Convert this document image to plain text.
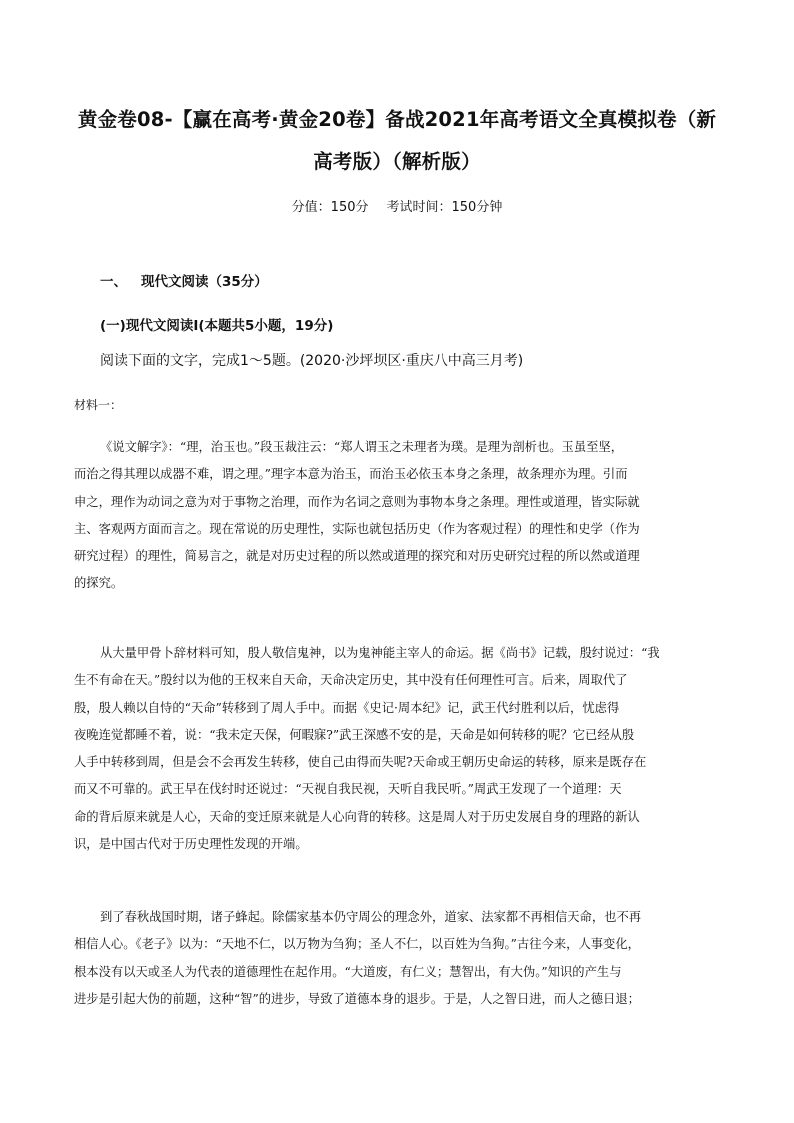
黄金卷08-【赢在高考·黄金20卷】备战2021年高考语文全真模拟卷（新
高考版）（解析版）
分值：150分 考试时间：150分钟
一、 现代文阅读（35分）
(一)现代文阅读Ⅰ(本题共5小题，19分)
阅读下面的文字，完成1～5题。(2020·沙坪坝区·重庆八中高三月考)
材料一：
《说文解字》：“理，治玉也。”段玉裁注云：“郑人谓玉之未理者为璞。是理为剖析也。玉虽至坚，
而治之得其理以成器不难，谓之理。”理字本意为治玉，而治玉必依玉本身之条理，故条理亦为理。引而
申之，理作为动词之意为对于事物之治理，而作为名词之意则为事物本身之条理。理性或道理，皆实际就
主、客观两方面而言之。现在常说的历史理性，实际也就包括历史（作为客观过程）的理性和史学（作为
研究过程）的理性，简易言之，就是对历史过程的所以然或道理的探究和对历史研究过程的所以然或道理
的探究。
从大量甲骨卜辞材料可知，殷人敬信鬼神，以为鬼神能主宰人的命运。据《尚书》记载，殷纣说过：“我
生不有命在天。”殷纣以为他的王权来自天命，天命决定历史，其中没有任何理性可言。后来，周取代了
殷，殷人赖以自恃的“天命”转移到了周人手中。而据《史记·周本纪》记，武王代纣胜利以后，忧虑得
夜晚连觉都睡不着，说：“我未定天保，何暇寐?”武王深感不安的是，天命是如何转移的呢？它已经从殷
人手中转移到周，但是会不会再发生转移，使自己由得而失呢?天命或王朝历史命运的转移，原来是既存在
而又不可靠的。武王早在伐纣时还说过：“天视自我民视，天听自我民听。”周武王发现了一个道理：天
命的背后原来就是人心，天命的变迁原来就是人心向背的转移。这是周人对于历史发展自身的理路的新认
识，是中国古代对于历史理性发现的开端。
到了春秋战国时期，诸子蜂起。除儒家基本仍守周公的理念外，道家、法家都不再相信天命，也不再
相信人心。《老子》以为：“天地不仁，以万物为刍狗；圣人不仁，以百姓为刍狗。”古往今来，人事变化，
根本没有以天或圣人为代表的道德理性在起作用。“大道废，有仁义；慧智出，有大伪。”知识的产生与
进步是引起大伪的前题，这种“智”的进步，导致了道德本身的退步。于是，人之智日进，而人之德日退；
